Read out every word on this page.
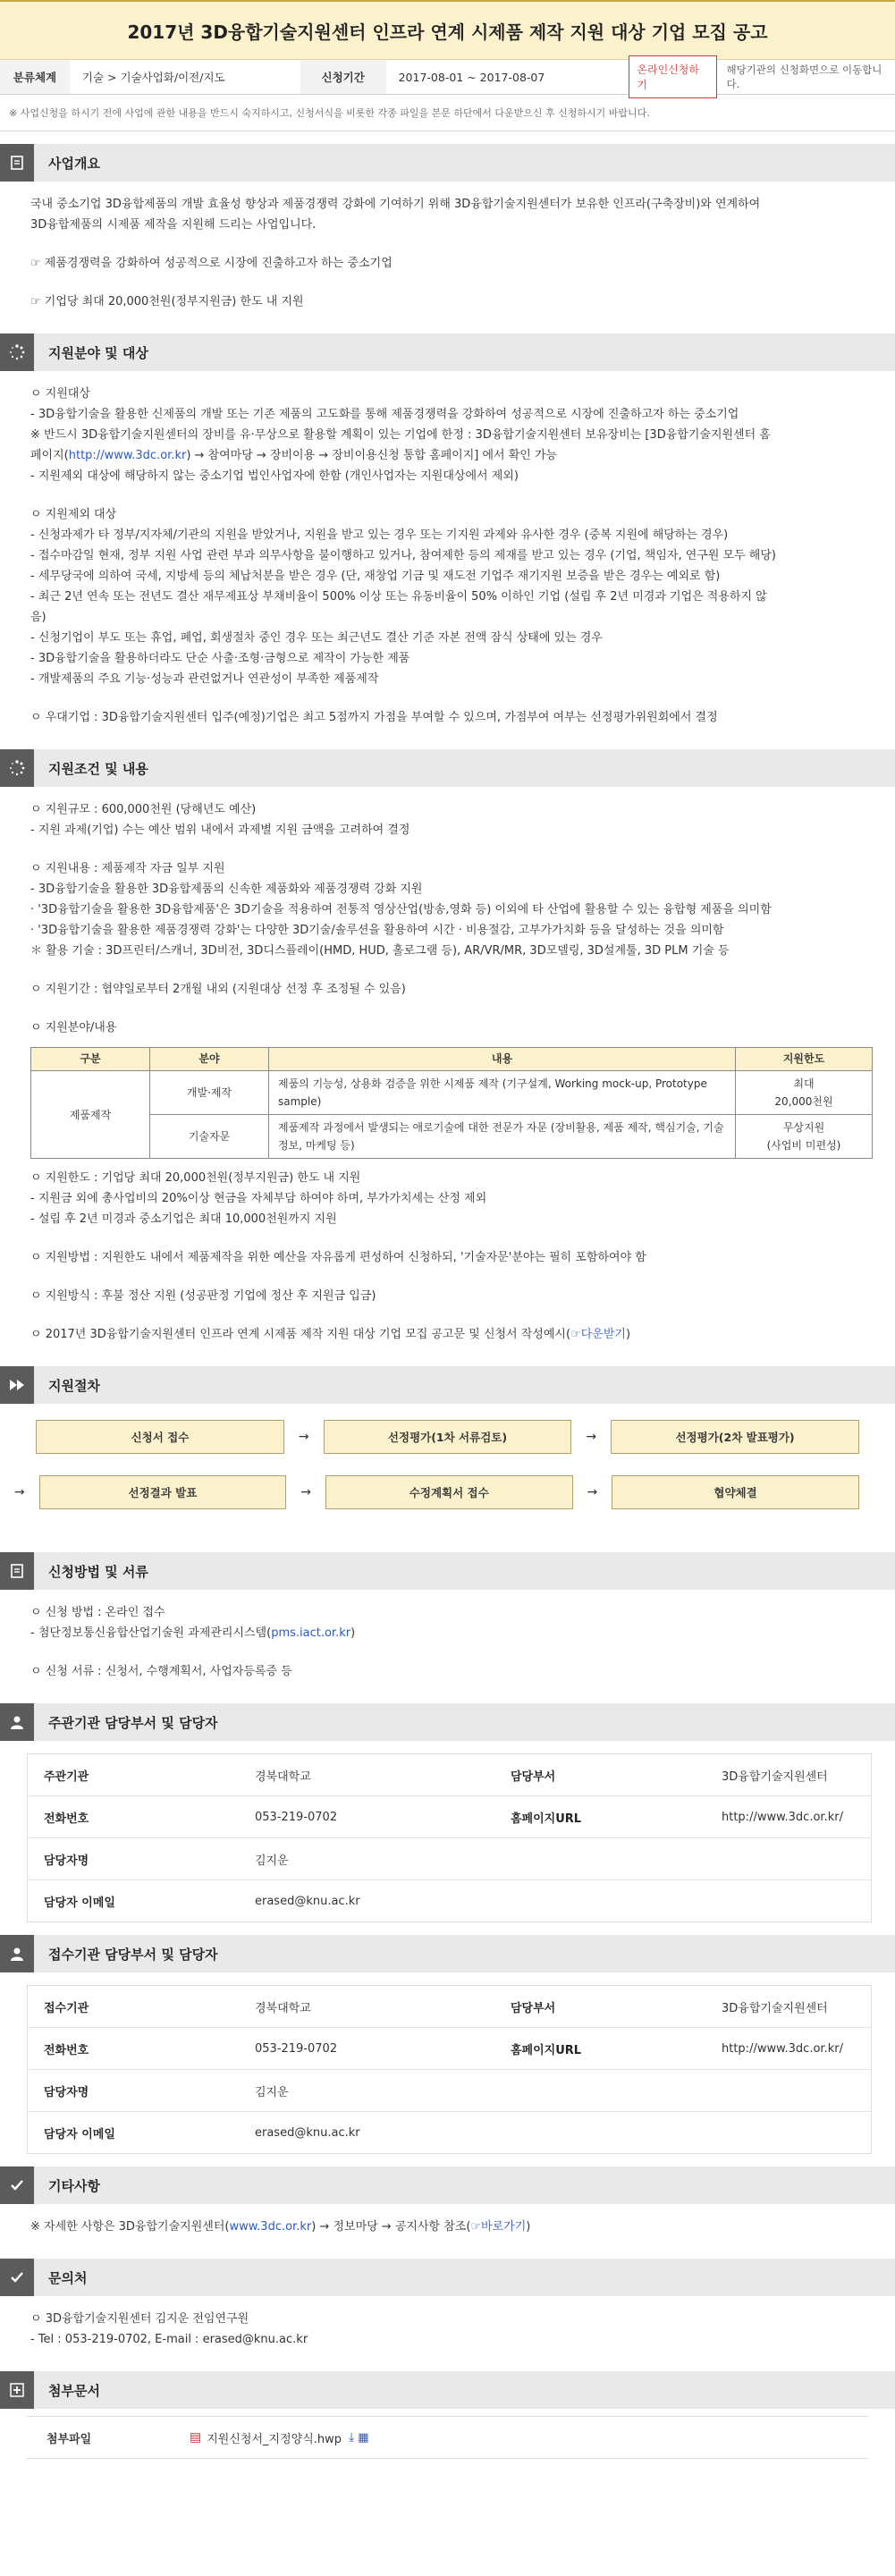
2017년 3D융합기술지원센터 인프라 연계 시제품 제작 지원 대상 기업 모집 공고
분류체계	기술 > 기술사업화/이전/지도	신청기간	2017-08-01 ~ 2017-08-07
온라인신청하기
해당기관의 신청화면으로 이동합니다.
※ 사업신청을 하시기 전에 사업에 관한 내용을 반드시 숙지하시고, 신청서식을 비롯한 각종 파일을 본문 하단에서 다운받으신 후 신청하시기 바랍니다.
사업개요

국내 중소기업 3D융합제품의 개발 효율성 향상과 제품경쟁력 강화에 기여하기 위해 3D융합기술지원센터가 보유한 인프라(구축장비)와 연계하여

3D융합제품의 시제품 제작을 지원해 드리는 사업입니다.

☞ 제품경쟁력을 강화하여 성공적으로 시장에 진출하고자 하는 중소기업

☞ 기업당 최대 20,000천원(정부지원금) 한도 내 지원

지원분야 및 대상

ㅇ 지원대상

- 3D융합기술을 활용한 신제품의 개발 또는 기존 제품의 고도화를 통해 제품경쟁력을 강화하여 성공적으로 시장에 진출하고자 하는 중소기업

※ 반드시 3D융합기술지원센터의 장비를 유·무상으로 활용할 계획이 있는 기업에 한정 : 3D융합기술지원센터 보유장비는 [3D융합기술지원센터 홈

페이지(http://www.3dc.or.kr) → 참여마당 → 장비이용 → 장비이용신청 통합 홈페이지] 에서 확인 가능

- 지원제외 대상에 해당하지 않는 중소기업 법인사업자에 한함 (개인사업자는 지원대상에서 제외)

ㅇ 지원제외 대상

- 신청과제가 타 정부/지자체/기관의 지원을 받았거나, 지원을 받고 있는 경우 또는 기지원 과제와 유사한 경우 (중복 지원에 해당하는 경우)

- 접수마감일 현재, 정부 지원 사업 관련 부과 의무사항을 불이행하고 있거나, 참여제한 등의 제재를 받고 있는 경우 (기업, 책임자, 연구원 모두 해당)

- 세무당국에 의하여 국세, 지방세 등의 체납처분을 받은 경우 (단, 재창업 기금 및 재도전 기업주 재기지원 보증을 받은 경우는 예외로 함)

- 최근 2년 연속 또는 전년도 결산 재무제표상 부채비율이 500% 이상 또는 유동비율이 50% 이하인 기업 (설립 후 2년 미경과 기업은 적용하지 않

음)

- 신청기업이 부도 또는 휴업, 폐업, 회생절차 중인 경우 또는 최근년도 결산 기준 자본 전액 잠식 상태에 있는 경우

- 3D융합기술을 활용하더라도 단순 사출·조형·금형으로 제작이 가능한 제품

- 개발제품의 주요 기능·성능과 관련없거나 연관성이 부족한 제품제작

ㅇ 우대기업 : 3D융합기술지원센터 입주(예정)기업은 최고 5점까지 가점을 부여할 수 있으며, 가점부여 여부는 선정평가위원회에서 결정

지원조건 및 내용

ㅇ 지원규모 : 600,000천원 (당해년도 예산)

- 지원 과제(기업) 수는 예산 범위 내에서 과제별 지원 금액을 고려하여 결정

ㅇ 지원내용 : 제품제작 자금 일부 지원

- 3D융합기술을 활용한 3D융합제품의 신속한 제품화와 제품경쟁력 강화 지원

· '3D융합기술을 활용한 3D융합제품'은 3D기술을 적용하여 전통적 영상산업(방송,영화 등) 이외에 타 산업에 활용할 수 있는 융합형 제품을 의미함

· '3D융합기술을 활용한 제품경쟁력 강화'는 다양한 3D기술/솔루션을 활용하여 시간 · 비용절감, 고부가가치화 등을 달성하는 것을 의미함

＊ 활용 기술 : 3D프린터/스캐너, 3D비전, 3D디스플레이(HMD, HUD, 홀로그램 등), AR/VR/MR, 3D모델링, 3D설계툴, 3D PLM 기술 등

ㅇ 지원기간 : 협약일로부터 2개월 내외 (지원대상 선정 후 조정될 수 있음)

ㅇ 지원분야/내용

구분	분야	내용	지원한도
제품제작	개발·제작	제품의 기능성, 상용화 검증을 위한 시제품 제작 (기구설계, Working mock-up, Prototype sample)	최대
20,000천원

	기술자문	제품제작 과정에서 발생되는 애로기술에 대한 전문가 자문 (장비활용, 제품 제작, 핵심기술, 기술정보, 마케팅 등)	무상지원
(사업비 미편성)

ㅇ 지원한도 : 기업당 최대 20,000천원(정부지원금) 한도 내 지원

- 지원금 외에 총사업비의 20%이상 현금을 자체부담 하여야 하며, 부가가치세는 산정 제외

- 설립 후 2년 미경과 중소기업은 최대 10,000천원까지 지원

ㅇ 지원방법 : 지원한도 내에서 제품제작을 위한 예산을 자유롭게 편성하여 신청하되, '기술자문'분야는 필히 포함하여야 함

ㅇ 지원방식 : 후불 정산 지원 (성공판정 기업에 정산 후 지원금 입금)

ㅇ 2017년 3D융합기술지원센터 인프라 연계 시제품 제작 지원 대상 기업 모집 공고문 및 신청서 작성예시(☞다운받기)

지원절차
신청서 접수	→	선정평가(1차 서류검토)	→	선정평가(2차 발표평가)
→	선정결과 발표	→	수정계획서 접수	→	협약체결
신청방법 및 서류

ㅇ 신청 방법 : 온라인 접수

- 첨단정보통신융합산업기술원 과제관리시스템(pms.iact.or.kr)

ㅇ 신청 서류 : 신청서, 수행계획서, 사업자등록증 등

주관기관 담당부서 및 담당자
주관기관	경북대학교	담당부서	3D융합기술지원센터
전화번호	053-219-0702	홈페이지URL	http://www.3dc.or.kr/
담당자명	김지운		
담당자 이메일	erased@knu.ac.kr		
접수기관 담당부서 및 담당자
접수기관	경북대학교	담당부서	3D융합기술지원센터
전화번호	053-219-0702	홈페이지URL	http://www.3dc.or.kr/
담당자명	김지운		
담당자 이메일	erased@knu.ac.kr		
기타사항

※ 자세한 사항은 3D융합기술지원센터(www.3dc.or.kr) → 정보마당 → 공지사항 참조(☞바로가기)

문의처

ㅇ 3D융합기술지원센터 김지운 전임연구원

- Tel : 053-219-0702, E-mail : erased@knu.ac.kr

첨부문서
첨부파일	▤ 지원신청서_지정양식.hwp ⤓ ▦
